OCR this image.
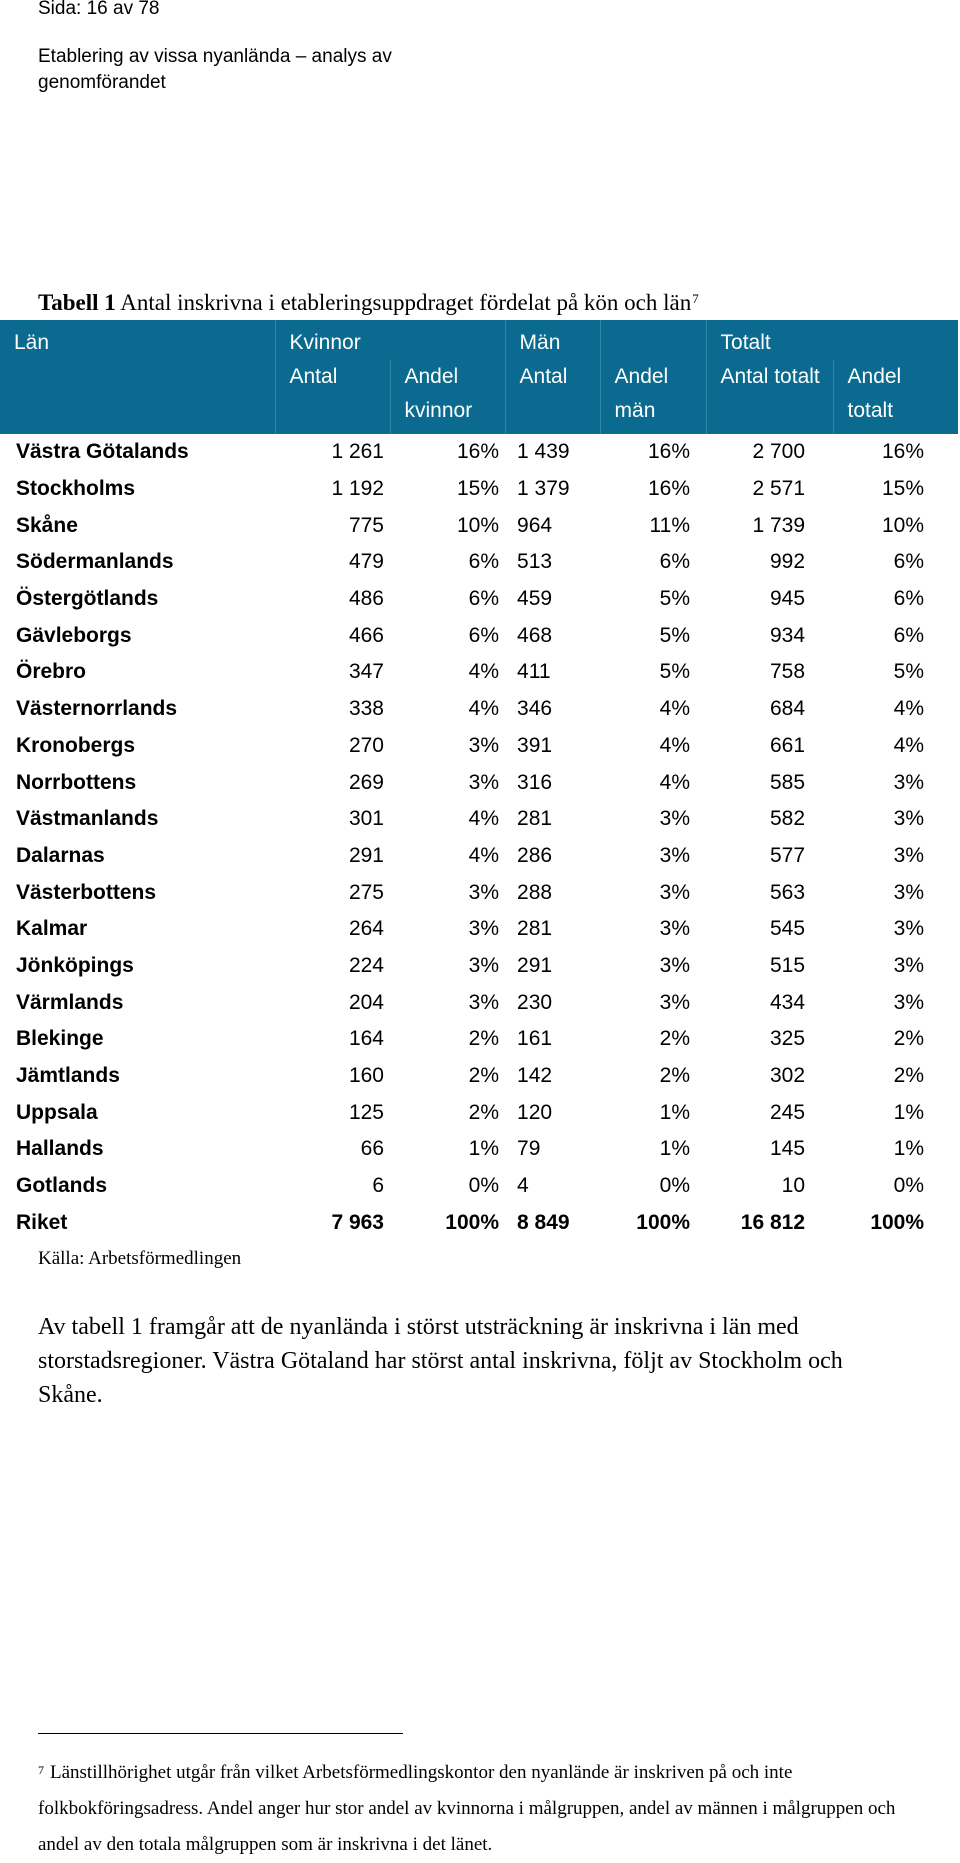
Sida: 16 av 78
Etablering av vissa nyanlända – analys av genomförandet
Tabell 1 Antal inskrivna i etableringsuppdraget fördelat på kön och län$^7$
Län	Kvinnor		Män		Totalt	
	Antal	Andel kvinnor	Antal	Andel män	Antal totalt	Andel totalt
Västra Götalands	1 261	16%	1 439	16%	2 700	16%
Stockholms	1 192	15%	1 379	16%	2 571	15%
Skåne	775	10%	964	11%	1 739	10%
Södermanlands	479	6%	513	6%	992	6%
Östergötlands	486	6%	459	5%	945	6%
Gävleborgs	466	6%	468	5%	934	6%
Örebro	347	4%	411	5%	758	5%
Västernorrlands	338	4%	346	4%	684	4%
Kronobergs	270	3%	391	4%	661	4%
Norrbottens	269	3%	316	4%	585	3%
Västmanlands	301	4%	281	3%	582	3%
Dalarnas	291	4%	286	3%	577	3%
Västerbottens	275	3%	288	3%	563	3%
Kalmar	264	3%	281	3%	545	3%
Jönköpings	224	3%	291	3%	515	3%
Värmlands	204	3%	230	3%	434	3%
Blekinge	164	2%	161	2%	325	2%
Jämtlands	160	2%	142	2%	302	2%
Uppsala	125	2%	120	1%	245	1%
Hallands	66	1%	79	1%	145	1%
Gotlands	6	0%	4	0%	10	0%
Riket	7 963	100%	8 849	100%	16 812	100%
Källa: Arbetsförmedlingen

Av tabell 1 framgår att de nyanlända i störst utsträckning är inskrivna i län med storstadsregioner. Västra Götaland har störst antal inskrivna, följt av Stockholm och Skåne.

$^7$ Länstillhörighet utgår från vilket Arbetsförmedlingskontor den nyanlände är inskriven på och inte folkbokföringsadress. Andel anger hur stor andel av kvinnorna i målgruppen, andel av männen i målgruppen och andel av den totala målgruppen som är inskrivna i det länet.
